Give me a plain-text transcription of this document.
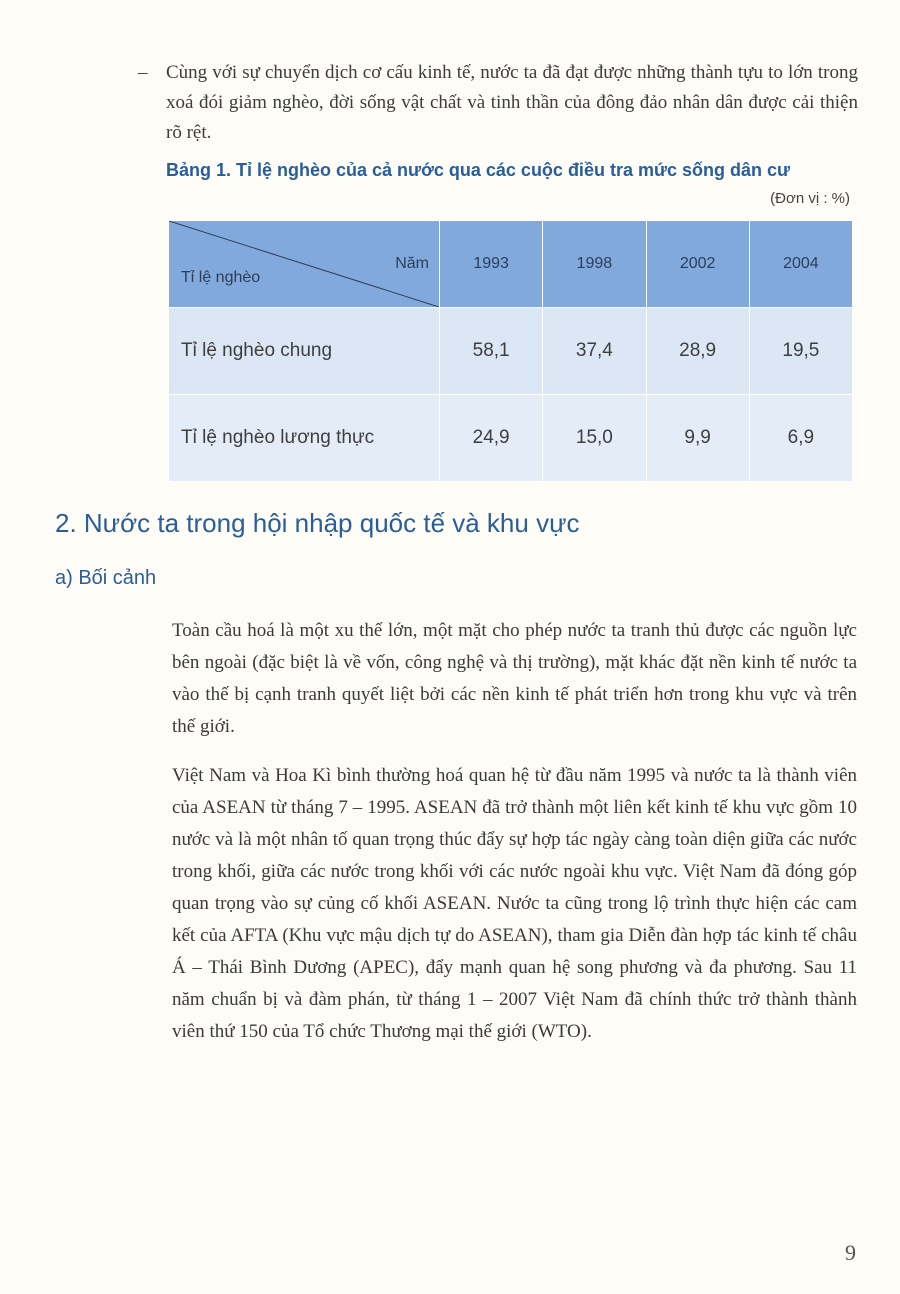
– Cùng với sự chuyển dịch cơ cấu kinh tế, nước ta đã đạt được những thành tựu to lớn trong xoá đói giảm nghèo, đời sống vật chất và tinh thần của đông đảo nhân dân được cải thiện rõ rệt.
Bảng 1. Tỉ lệ nghèo của cả nước qua các cuộc điều tra mức sống dân cư
(Đơn vị : %)
Năm
Tỉ lệ nghèo	1993	1998	2002	2004
Tỉ lệ nghèo chung	58,1	37,4	28,9	19,5
Tỉ lệ nghèo lương thực	24,9	15,0	9,9	6,9
2. Nước ta trong hội nhập quốc tế và khu vực
a) Bối cảnh

Toàn cầu hoá là một xu thế lớn, một mặt cho phép nước ta tranh thủ được các nguồn lực bên ngoài (đặc biệt là về vốn, công nghệ và thị trường), mặt khác đặt nền kinh tế nước ta vào thế bị cạnh tranh quyết liệt bởi các nền kinh tế phát triển hơn trong khu vực và trên thế giới.

Việt Nam và Hoa Kì bình thường hoá quan hệ từ đầu năm 1995 và nước ta là thành viên của ASEAN từ tháng 7 – 1995. ASEAN đã trở thành một liên kết kinh tế khu vực gồm 10 nước và là một nhân tố quan trọng thúc đẩy sự hợp tác ngày càng toàn diện giữa các nước trong khối, giữa các nước trong khối với các nước ngoài khu vực. Việt Nam đã đóng góp quan trọng vào sự củng cố khối ASEAN. Nước ta cũng trong lộ trình thực hiện các cam kết của AFTA (Khu vực mậu dịch tự do ASEAN), tham gia Diễn đàn hợp tác kinh tế châu Á – Thái Bình Dương (APEC), đẩy mạnh quan hệ song phương và đa phương. Sau 11 năm chuẩn bị và đàm phán, từ tháng 1 – 2007 Việt Nam đã chính thức trở thành thành viên thứ 150 của Tổ chức Thương mại thế giới (WTO).

9
